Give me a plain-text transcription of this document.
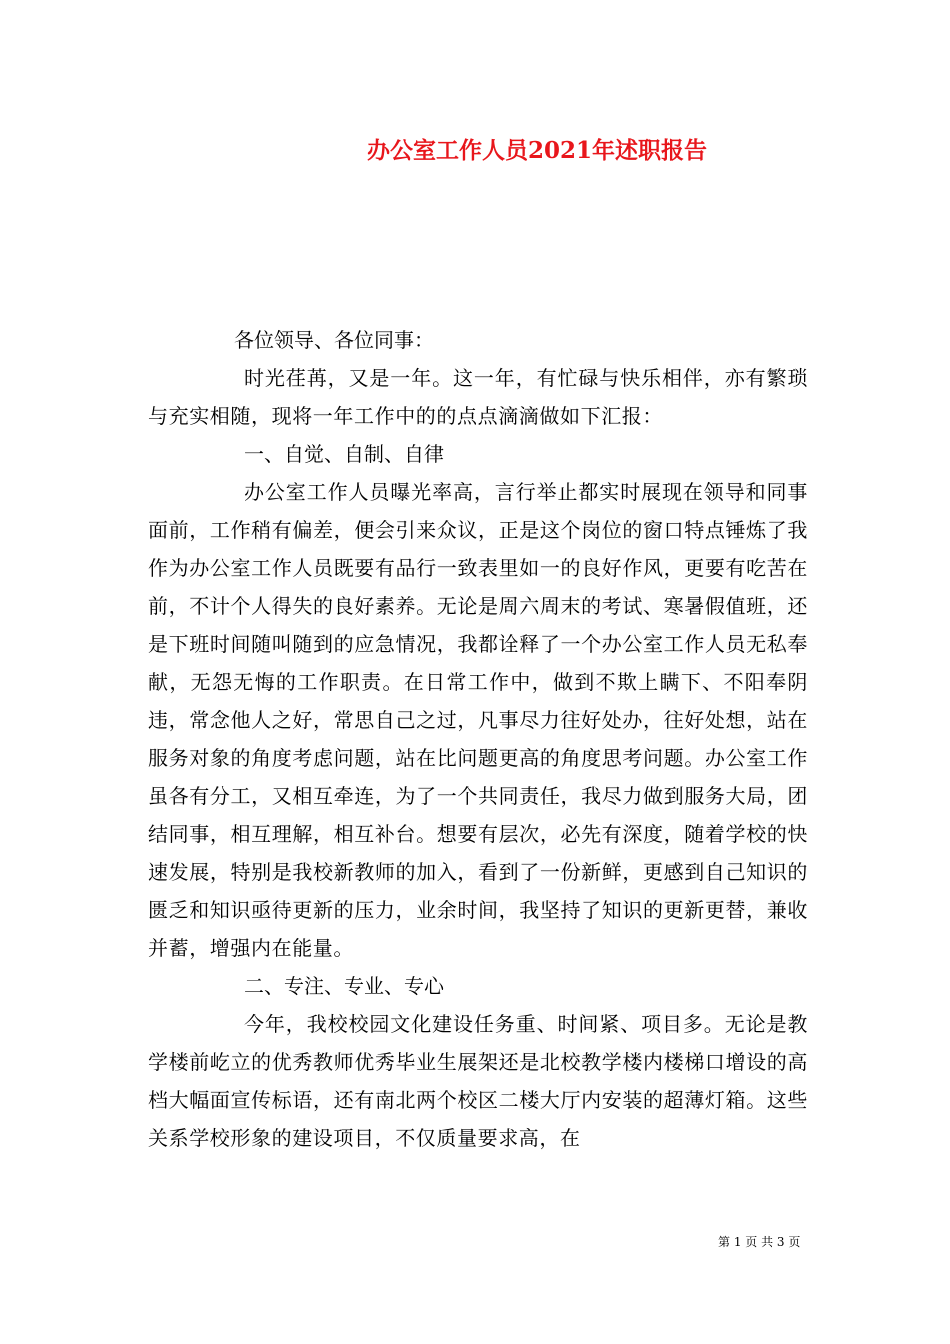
办公室工作人员2021年述职报告

各位领导、各位同事：

时光荏苒，又是一年。这一年，有忙碌与快乐相伴，亦有繁琐与充实相随，现将一年工作中的的点点滴滴做如下汇报：

一、自觉、自制、自律

办公室工作人员曝光率高，言行举止都实时展现在领导和同事面前，工作稍有偏差，便会引来众议，正是这个岗位的窗口特点锤炼了我作为办公室工作人员既要有品行一致表里如一的良好作风，更要有吃苦在前，不计个人得失的良好素养。无论是周六周末的考试、寒暑假值班，还是下班时间随叫随到的应急情况，我都诠释了一个办公室工作人员无私奉献，无怨无悔的工作职责。在日常工作中，做到不欺上瞒下、不阳奉阴违，常念他人之好，常思自己之过，凡事尽力往好处办，往好处想，站在服务对象的角度考虑问题，站在比问题更高的角度思考问题。办公室工作虽各有分工，又相互牵连，为了一个共同责任，我尽力做到服务大局，团结同事，相互理解，相互补台。想要有层次，必先有深度，随着学校的快速发展，特别是我校新教师的加入，看到了一份新鲜，更感到自己知识的匮乏和知识亟待更新的压力，业余时间，我坚持了知识的更新更替，兼收并蓄，增强内在能量。

二、专注、专业、专心

今年，我校校园文化建设任务重、时间紧、项目多。无论是教学楼前屹立的优秀教师优秀毕业生展架还是北校教学楼内楼梯口增设的高档大幅面宣传标语，还有南北两个校区二楼大厅内安装的超薄灯箱。这些关系学校形象的建设项目，不仅质量要求高，在

第 1 页 共 3 页
